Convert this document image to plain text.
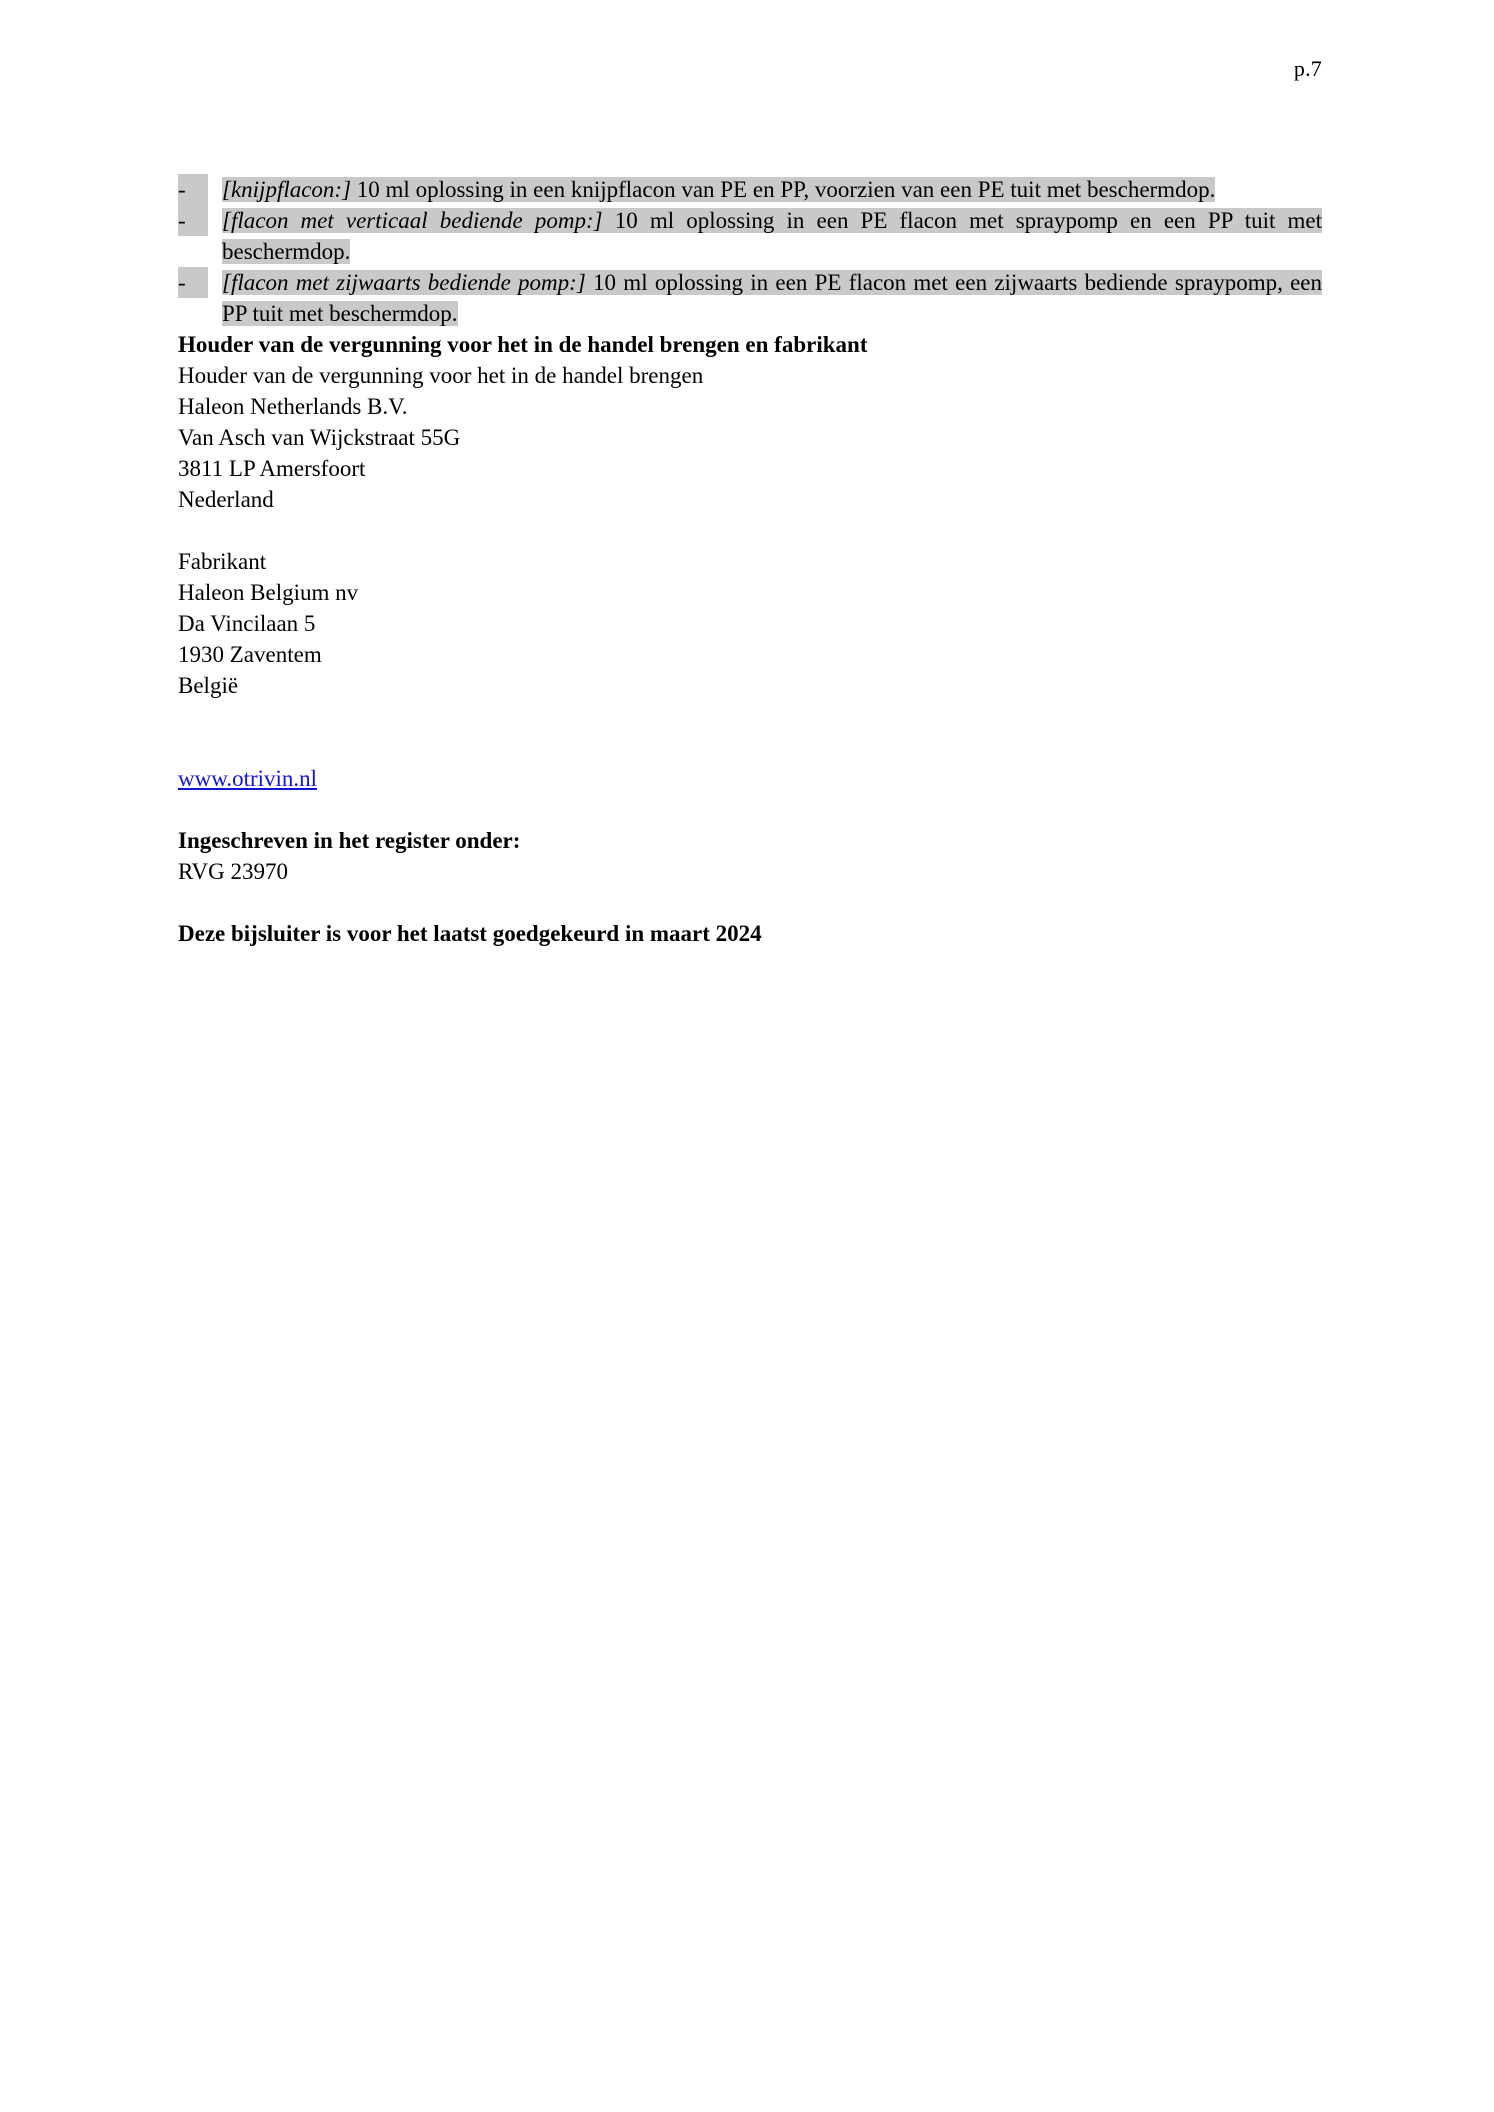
p.7
-	[knijpflacon:] 10 ml oplossing in een knijpflacon van PE en PP, voorzien van een PE tuit met beschermdop.
-	[flacon met verticaal bediende pomp:] 10 ml oplossing in een PE flacon met spraypomp en een PP tuit met beschermdop.
-	[flacon met zijwaarts bediende pomp:] 10 ml oplossing in een PE flacon met een zijwaarts bediende spraypomp, een PP tuit met beschermdop.
Houder van de vergunning voor het in de handel brengen en fabrikant
Houder van de vergunning voor het in de handel brengen
Haleon Netherlands B.V.
Van Asch van Wijckstraat 55G
3811 LP Amersfoort
Nederland
Fabrikant
Haleon Belgium nv
Da Vincilaan 5
1930 Zaventem
België
www.otrivin.nl
Ingeschreven in het register onder:
RVG 23970
Deze bijsluiter is voor het laatst goedgekeurd in maart 2024
